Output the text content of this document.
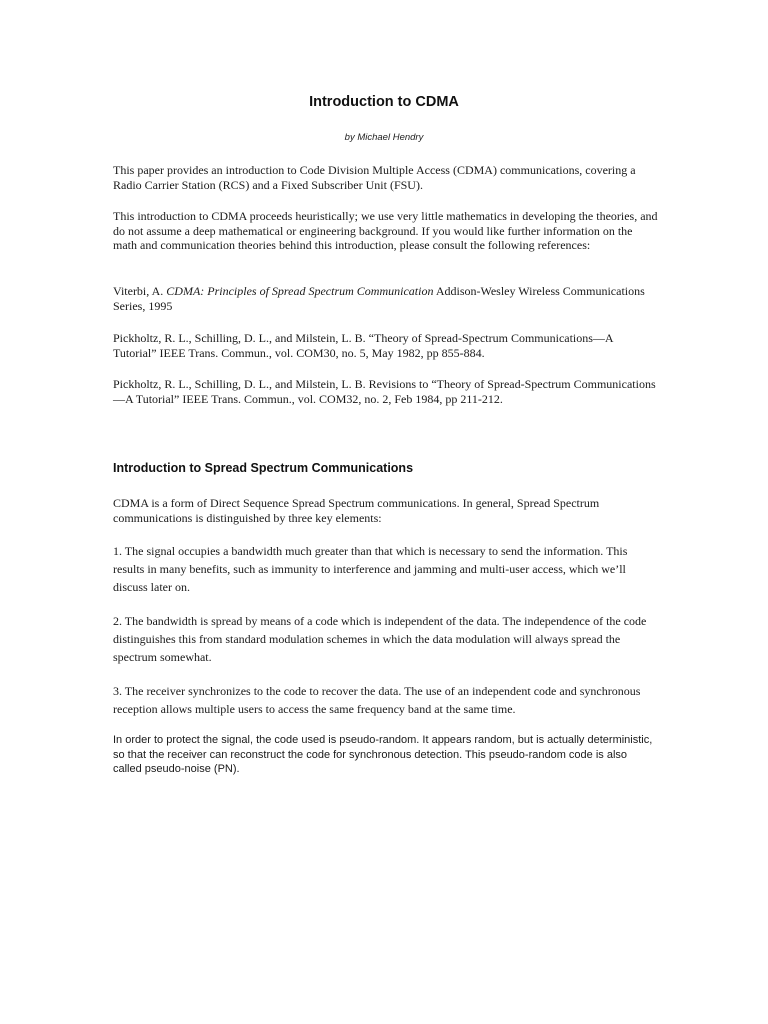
Introduction to CDMA
by Michael Hendry
This paper provides an introduction to Code Division Multiple Access (CDMA) communications, covering a Radio Carrier Station (RCS) and a Fixed Subscriber Unit (FSU).
This introduction to CDMA proceeds heuristically; we use very little mathematics in developing the theories, and do not assume a deep mathematical or engineering background. If you would like further information on the math and communication theories behind this introduction, please consult the following references:
Viterbi, A. CDMA: Principles of Spread Spectrum Communication Addison-Wesley Wireless Communications Series, 1995
Pickholtz, R. L., Schilling, D. L., and Milstein, L. B. “Theory of Spread-Spectrum Communications—A Tutorial” IEEE Trans. Commun., vol. COM30, no. 5, May 1982, pp 855-884.
Pickholtz, R. L., Schilling, D. L., and Milstein, L. B. Revisions to “Theory of Spread-Spectrum Communications—A Tutorial” IEEE Trans. Commun., vol. COM32, no. 2, Feb 1984, pp 211-212.
Introduction to Spread Spectrum Communications
CDMA is a form of Direct Sequence Spread Spectrum communications. In general, Spread Spectrum communications is distinguished by three key elements:
1. The signal occupies a bandwidth much greater than that which is necessary to send the information. This results in many benefits, such as immunity to interference and jamming and multi-user access, which we’ll discuss later on.
2. The bandwidth is spread by means of a code which is independent of the data. The independence of the code distinguishes this from standard modulation schemes in which the data modulation will always spread the spectrum somewhat.
3. The receiver synchronizes to the code to recover the data. The use of an independent code and synchronous reception allows multiple users to access the same frequency band at the same time.
In order to protect the signal, the code used is pseudo-random. It appears random, but is actually deterministic, so that the receiver can reconstruct the code for synchronous detection. This pseudo-random code is also called pseudo-noise (PN).
